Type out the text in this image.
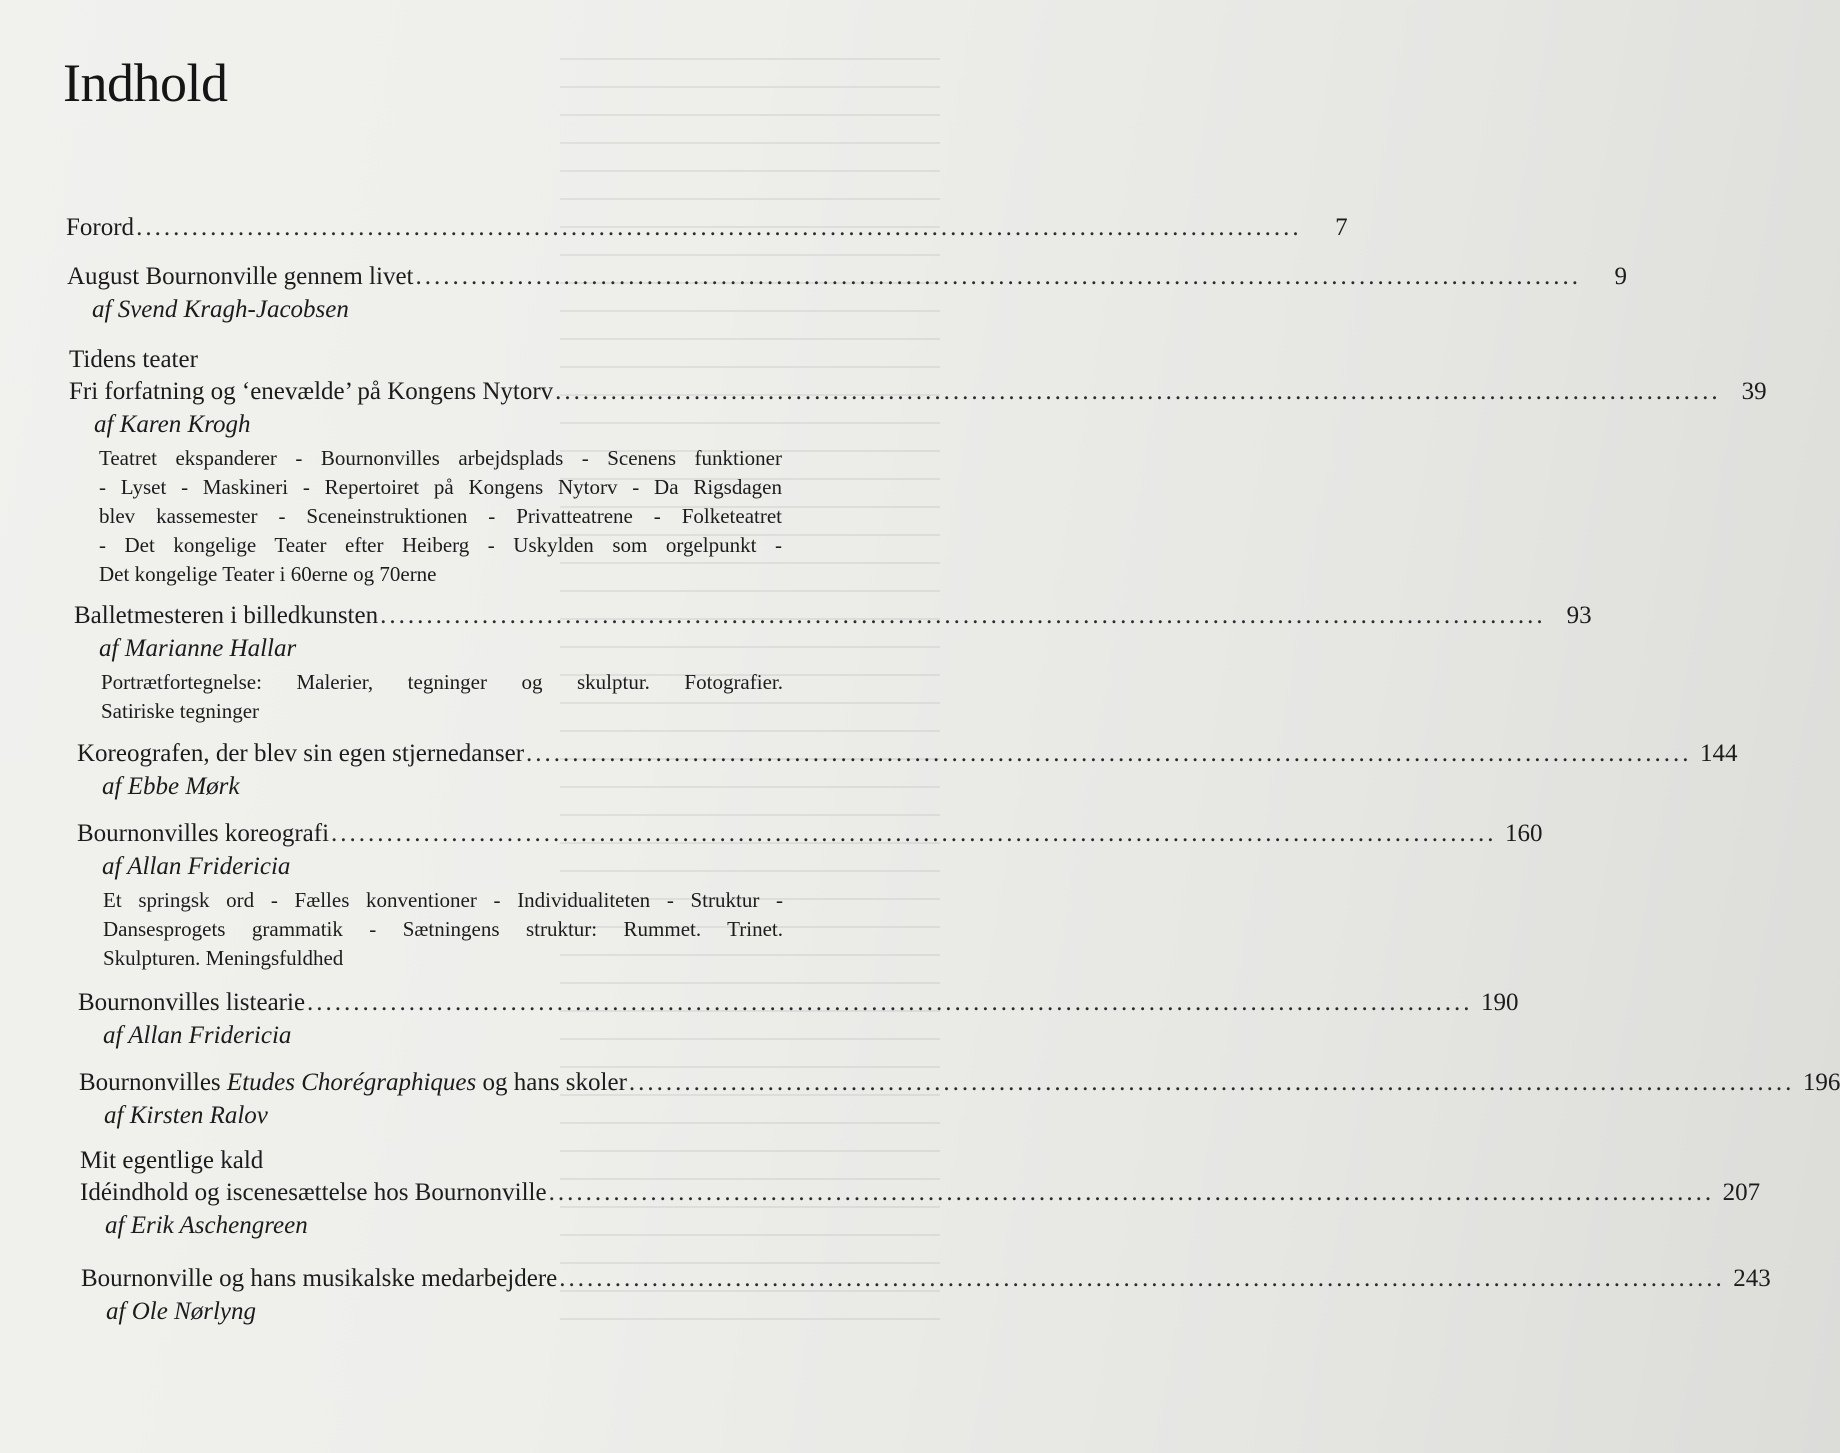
Indhold
Forord ..............................................................................................................................	7
August Bournonville gennem livet ..............................................................................................................................	9
af Svend Kragh-Jacobsen
Tidens teater
Fri forfatning og ‘enevælde’ på Kongens Nytorv .............................................................................................................................. 39
af Karen Krogh
Teatret ekspanderer - Bournonvilles arbejdsplads - Scenens funktioner
- Lyset - Maskineri - Repertoiret på Kongens Nytorv - Da Rigsdagen
blev kassemester - Sceneinstruktionen - Privatteatrene - Folketeatret
- Det kongelige Teater efter Heiberg - Uskylden som orgelpunkt -
Det kongelige Teater i 60erne og 70erne
Balletmesteren i billedkunsten .............................................................................................................................. 93
af Marianne Hallar
Portrætfortegnelse: Malerier, tegninger og skulptur. Fotografier.
Satiriske tegninger
Koreografen, der blev sin egen stjernedanser .............................................................................................................................. 144
af Ebbe Mørk
Bournonvilles koreografi .............................................................................................................................. 160
af Allan Fridericia
Et springsk ord - Fælles konventioner - Individualiteten - Struktur -
Dansesprogets grammatik - Sætningens struktur: Rummet. Trinet.
Skulpturen. Meningsfuldhed
Bournonvilles listearie .............................................................................................................................. 190
af Allan Fridericia
Bournonvilles Etudes Chorégraphiques og hans skoler .............................................................................................................................. 196
af Kirsten Ralov
Mit egentlige kald
Idéindhold og iscenesættelse hos Bournonville .............................................................................................................................. 207
af Erik Aschengreen
Bournonville og hans musikalske medarbejdere .............................................................................................................................. 243
af Ole Nørlyng
